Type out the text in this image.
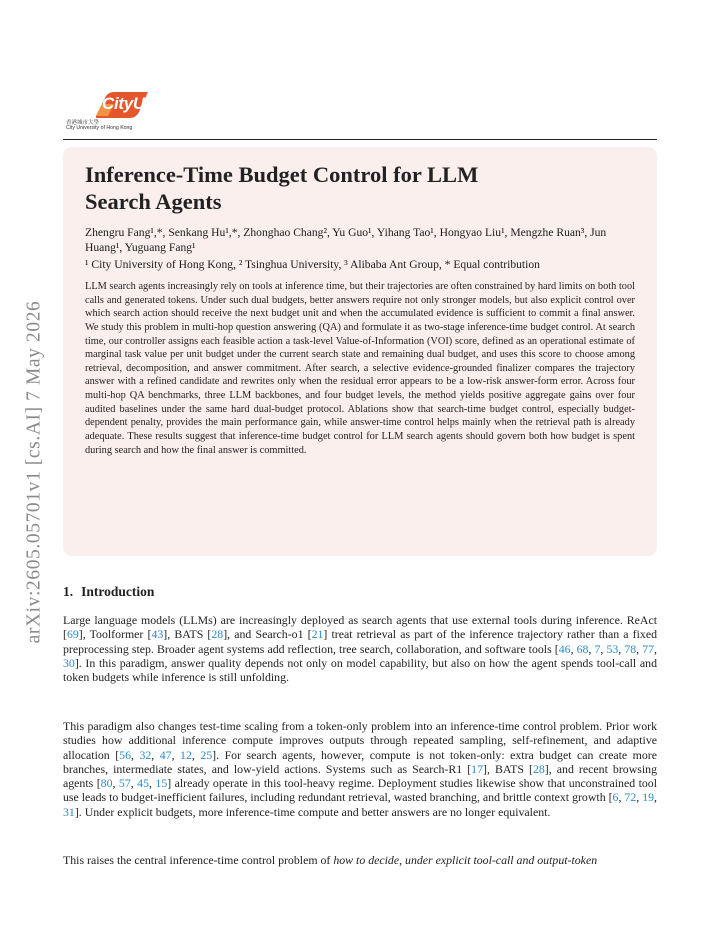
arXiv:2605.05701v1 [cs.AI] 7 May 2026
CityU
香港城市大學
City University of Hong Kong
Inference-Time Budget Control for LLM Search Agents
Zhengru Fang¹,*, Senkang Hu¹,*, Zhonghao Chang², Yu Guo¹, Yihang Tao¹, Hongyao Liu¹, Mengzhe Ruan³, Jun Huang¹, Yuguang Fang¹
¹ City University of Hong Kong, ² Tsinghua University, ³ Alibaba Ant Group, * Equal contribution

LLM search agents increasingly rely on tools at inference time, but their trajectories are often constrained by hard limits on both tool calls and generated tokens. Under such dual budgets, better answers require not only stronger models, but also explicit control over which search action should receive the next budget unit and when the accumulated evidence is sufficient to commit a final answer. We study this problem in multi-hop question answering (QA) and formulate it as two-stage inference-time budget control. At search time, our controller assigns each feasible action a task-level Value-of-Information (VOI) score, defined as an operational estimate of marginal task value per unit budget under the current search state and remaining dual budget, and uses this score to choose among retrieval, decomposition, and answer commitment. After search, a selective evidence-grounded finalizer compares the trajectory answer with a refined candidate and rewrites only when the residual error appears to be a low-risk answer-form error. Across four multi-hop QA benchmarks, three LLM backbones, and four budget levels, the method yields positive aggregate gains over four audited baselines under the same hard dual-budget protocol. Ablations show that search-time budget control, especially budget-dependent penalty, provides the main performance gain, while answer-time control helps mainly when the retrieval path is already adequate. These results suggest that inference-time budget control for LLM search agents should govern both how budget is spent during search and how the final answer is committed.

1. Introduction

Large language models (LLMs) are increasingly deployed as search agents that use external tools during inference. ReAct [69], Toolformer [43], BATS [28], and Search-o1 [21] treat retrieval as part of the inference trajectory rather than a fixed preprocessing step. Broader agent systems add reflection, tree search, collaboration, and software tools [46, 68, 7, 53, 78, 77, 30]. In this paradigm, answer quality depends not only on model capability, but also on how the agent spends tool-call and token budgets while inference is still unfolding.

This paradigm also changes test-time scaling from a token-only problem into an inference-time control problem. Prior work studies how additional inference compute improves outputs through repeated sampling, self-refinement, and adaptive allocation [56, 32, 47, 12, 25]. For search agents, however, compute is not token-only: extra budget can create more branches, intermediate states, and low-yield actions. Systems such as Search-R1 [17], BATS [28], and recent browsing agents [80, 57, 45, 15] already operate in this tool-heavy regime. Deployment studies likewise show that unconstrained tool use leads to budget-inefficient failures, including redundant retrieval, wasted branching, and brittle context growth [6, 72, 19, 31]. Under explicit budgets, more inference-time compute and better answers are no longer equivalent.

This raises the central inference-time control problem of how to decide, under explicit tool-call and output-token
